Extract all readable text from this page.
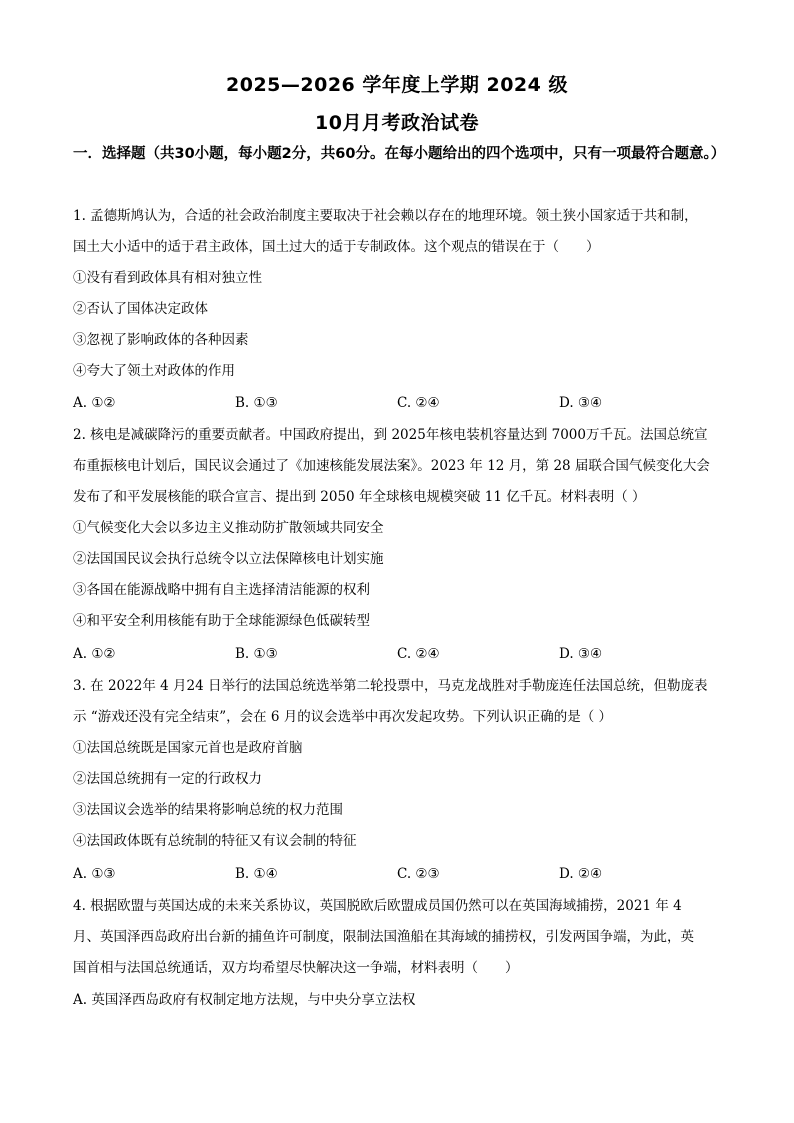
2025—2026 学年度上学期 2024 级
10月月考政治试卷
一．选择题（共30小题，每小题2分，共60分。在每小题给出的四个选项中，只有一项最符合题意。）
1. 孟德斯鸠认为，合适的社会政治制度主要取决于社会赖以存在的地理环境。领土狭小国家适于共和制，
国土大小适中的适于君主政体，国土过大的适于专制政体。这个观点的错误在于（　　）
①没有看到政体具有相对独立性
②否认了国体决定政体
③忽视了影响政体的各种因素
④夸大了领土对政体的作用
A. ①②	B. ①③	C. ②④	D. ③④
2. 核电是减碳降污的重要贡献者。中国政府提出，到 2025年核电装机容量达到 7000万千瓦。法国总统宣
布重振核电计划后，国民议会通过了《加速核能发展法案》。2023 年 12 月，第 28 届联合国气候变化大会
发布了和平发展核能的联合宣言、提出到 2050 年全球核电规模突破 11 亿千瓦。材料表明（ ）
①气候变化大会以多边主义推动防扩散领域共同安全
②法国国民议会执行总统令以立法保障核电计划实施
③各国在能源战略中拥有自主选择清洁能源的权利
④和平安全利用核能有助于全球能源绿色低碳转型
A. ①②	B. ①③	C. ②④	D. ③④
3. 在 2022年 4 月24 日举行的法国总统选举第二轮投票中，马克龙战胜对手勒庞连任法国总统，但勒庞表
示 “游戏还没有完全结束”，会在 6 月的议会选举中再次发起攻势。下列认识正确的是（ ）
①法国总统既是国家元首也是政府首脑
②法国总统拥有一定的行政权力
③法国议会选举的结果将影响总统的权力范围
④法国政体既有总统制的特征又有议会制的特征
A. ①③	B. ①④	C. ②③	D. ②④
4. 根据欧盟与英国达成的未来关系协议，英国脱欧后欧盟成员国仍然可以在英国海域捕捞，2021 年 4
月、英国泽西岛政府出台新的捕鱼许可制度，限制法国渔船在其海域的捕捞权，引发两国争端，为此，英
国首相与法国总统通话，双方均希望尽快解决这一争端，材料表明（　　）
A. 英国泽西岛政府有权制定地方法规，与中央分享立法权
